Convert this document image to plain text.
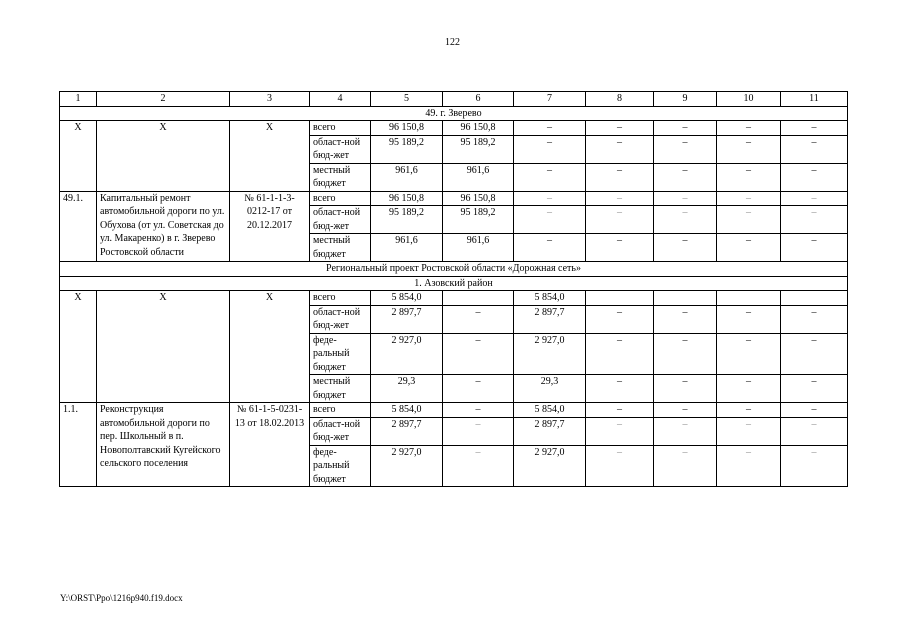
122
1	2	3	4	5	6	7	8	9	10	11
49. г. Зверево										
Х	Х	Х	всего	96 150,8	96 150,8	–	–	–	–	–
			област-ной бюд-жет	95 189,2	95 189,2	–	–	–	–	–
			местный бюджет	961,6	961,6	–	–	–	–	–
49.1.	Капитальный ремонт автомобильной дороги по ул. Обухова (от ул. Советская до ул. Макаренко) в г. Зверево Ростовской области	№ 61-1-1-3-0212-17 от 20.12.2017	всего	96 150,8	96 150,8	–	–	–	–	–
			област-ной бюд-жет	95 189,2	95 189,2	–	–	–	–	–
			местный бюджет	961,6	961,6	–	–	–	–	–
Региональный проект Ростовской области «Дорожная сеть»										
1. Азовский район										
Х	Х	Х	всего	5 854,0		5 854,0				
			област-ной бюд-жет	2 897,7	–	2 897,7	–	–	–	–
			феде-ральный бюджет	2 927,0	–	2 927,0	–	–	–	–
			местный бюджет	29,3	–	29,3	–	–	–	–
1.1.	Реконструкция автомобильной дороги по пер. Школьный в п. Новополтавский Кугейского сельского поселения	№ 61-1-5-0231-13 от 18.02.2013	всего	5 854,0	–	5 854,0	–	–	–	–
			област-ной бюд-жет	2 897,7	–	2 897,7	–	–	–	–
			феде-ральный бюджет	2 927,0	–	2 927,0	–	–	–	–
Y:\ORST\Ppo\1216p940.f19.docx
